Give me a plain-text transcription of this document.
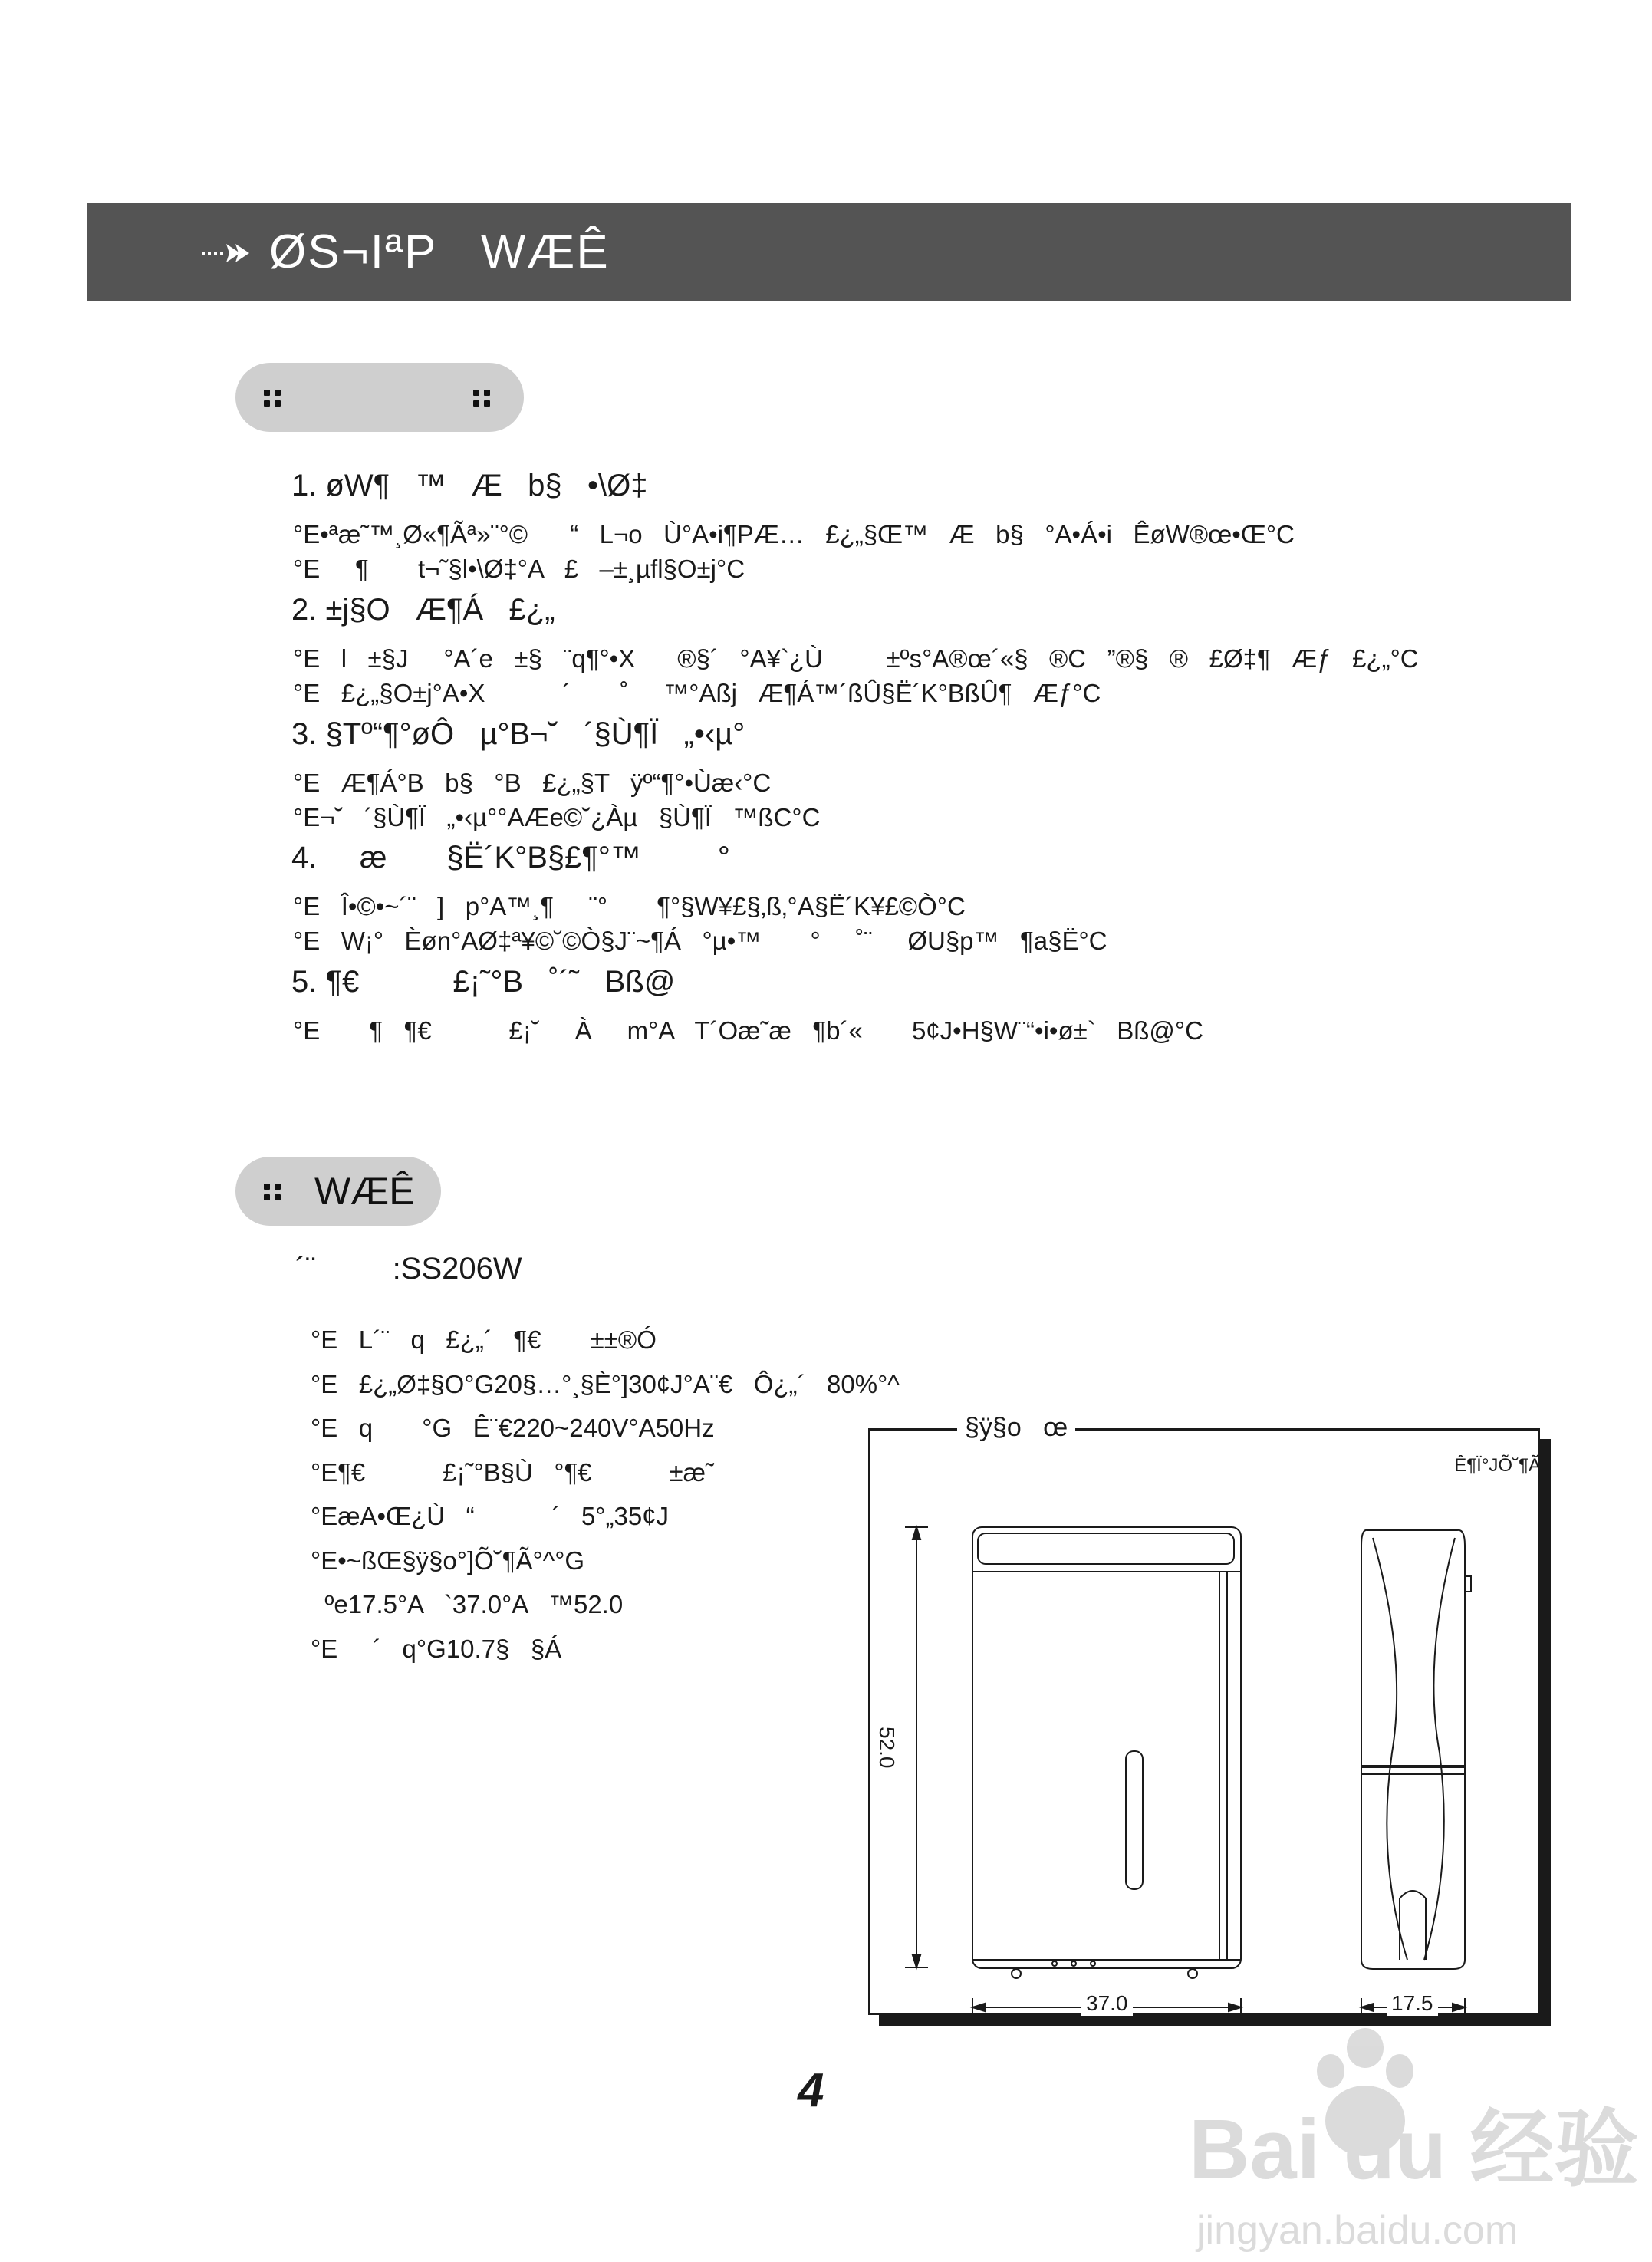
ØS¬IªP   WÆÊ

1. øW¶   ™   Æ   b§   •\Ø‡

°E•ªæ˜™¸Ø«¶Ãª»¨°©      “   L¬o   Ù°A•i¶PÆ…   £¿„§Œ™   Æ   b§   °A•Á•i   ÊøW®œ•Œ°C

°E     ¶       t¬˜§l•\Ø‡°A   £   –±¸µfl§O±j°C

2. ±j§O   Æ¶Á   £¿„

°E   l   ±§J     °A´e   ±§   ¨q¶°•X      ®§´   °A¥`¿Ù         ±ºs°A®œ´«§   ®C   ”®§   ®   £Ø‡¶   Æƒ   £¿„°C

°E   £¿„§O±j°A•X           ´       ˚     ™°Aßj   Æ¶Á™´ßÛ§Ë´K°BßÛ¶   Æƒ°C

3. §Tº“¶°øÔ   µ°B¬˘   ´§Ù¶Ï   „•‹µ°

°E   Æ¶Á°B   b§   °B   £¿„§T   ÿº“¶°•Ùæ‹°C

°E¬˘   ´§Ù¶Ï   „•‹µ°°AÆe©˘¿Àµ   §Ù¶Ï   ™ßC°C

4.     æ       §Ë´K°B§£¶°™         °

°E   Î•©•~´¨   ]   p°A™¸¶     ¨°       ¶°§W¥£§‚ß‚°A§Ë´K¥£©Ò°C

°E   W¡°   Èøn°AØ‡ª¥©˘©Ò§J¨~¶Á   °µ•™       °     ˚¨     ØU§p™   ¶a§Ë°C

5. ¶€           £¡˜°B   ˚´˜   Bß@

°E       ¶   ¶€           £¡˘     À     m°A   T´Oæ˜æ   ¶b´«       5¢J•H§W¨“•i•ø±`   Bß@°C

WÆÊ
´¨         :SS206W
°E   L´¨   q   £¿„´   ¶€       ±±®Ó
°E   £¿„Ø‡§O°G20§…°¸§È°]30¢J°A¨€   Ô¿„´   80%°^
°E   q       °G   Ê¨€220~240V°A50Hz
°E¶€           £¡˜°B§Ù   °¶€           ±æ˜
°EæA•Œ¿Ù   “           ´   5°„35¢J
°E•~ßŒ§ÿ§o°]Õ˘¶Ã°^°G
ºe17.5°A   `37.0°A   ™52.0
°E     ´   q°G10.7§   §Á
§ÿ§o   œ
Ê¶Ï°JÕ˘¶Ã
52.0
37.0	17.5
4
Bai du 经验
jingyan.baidu.com
